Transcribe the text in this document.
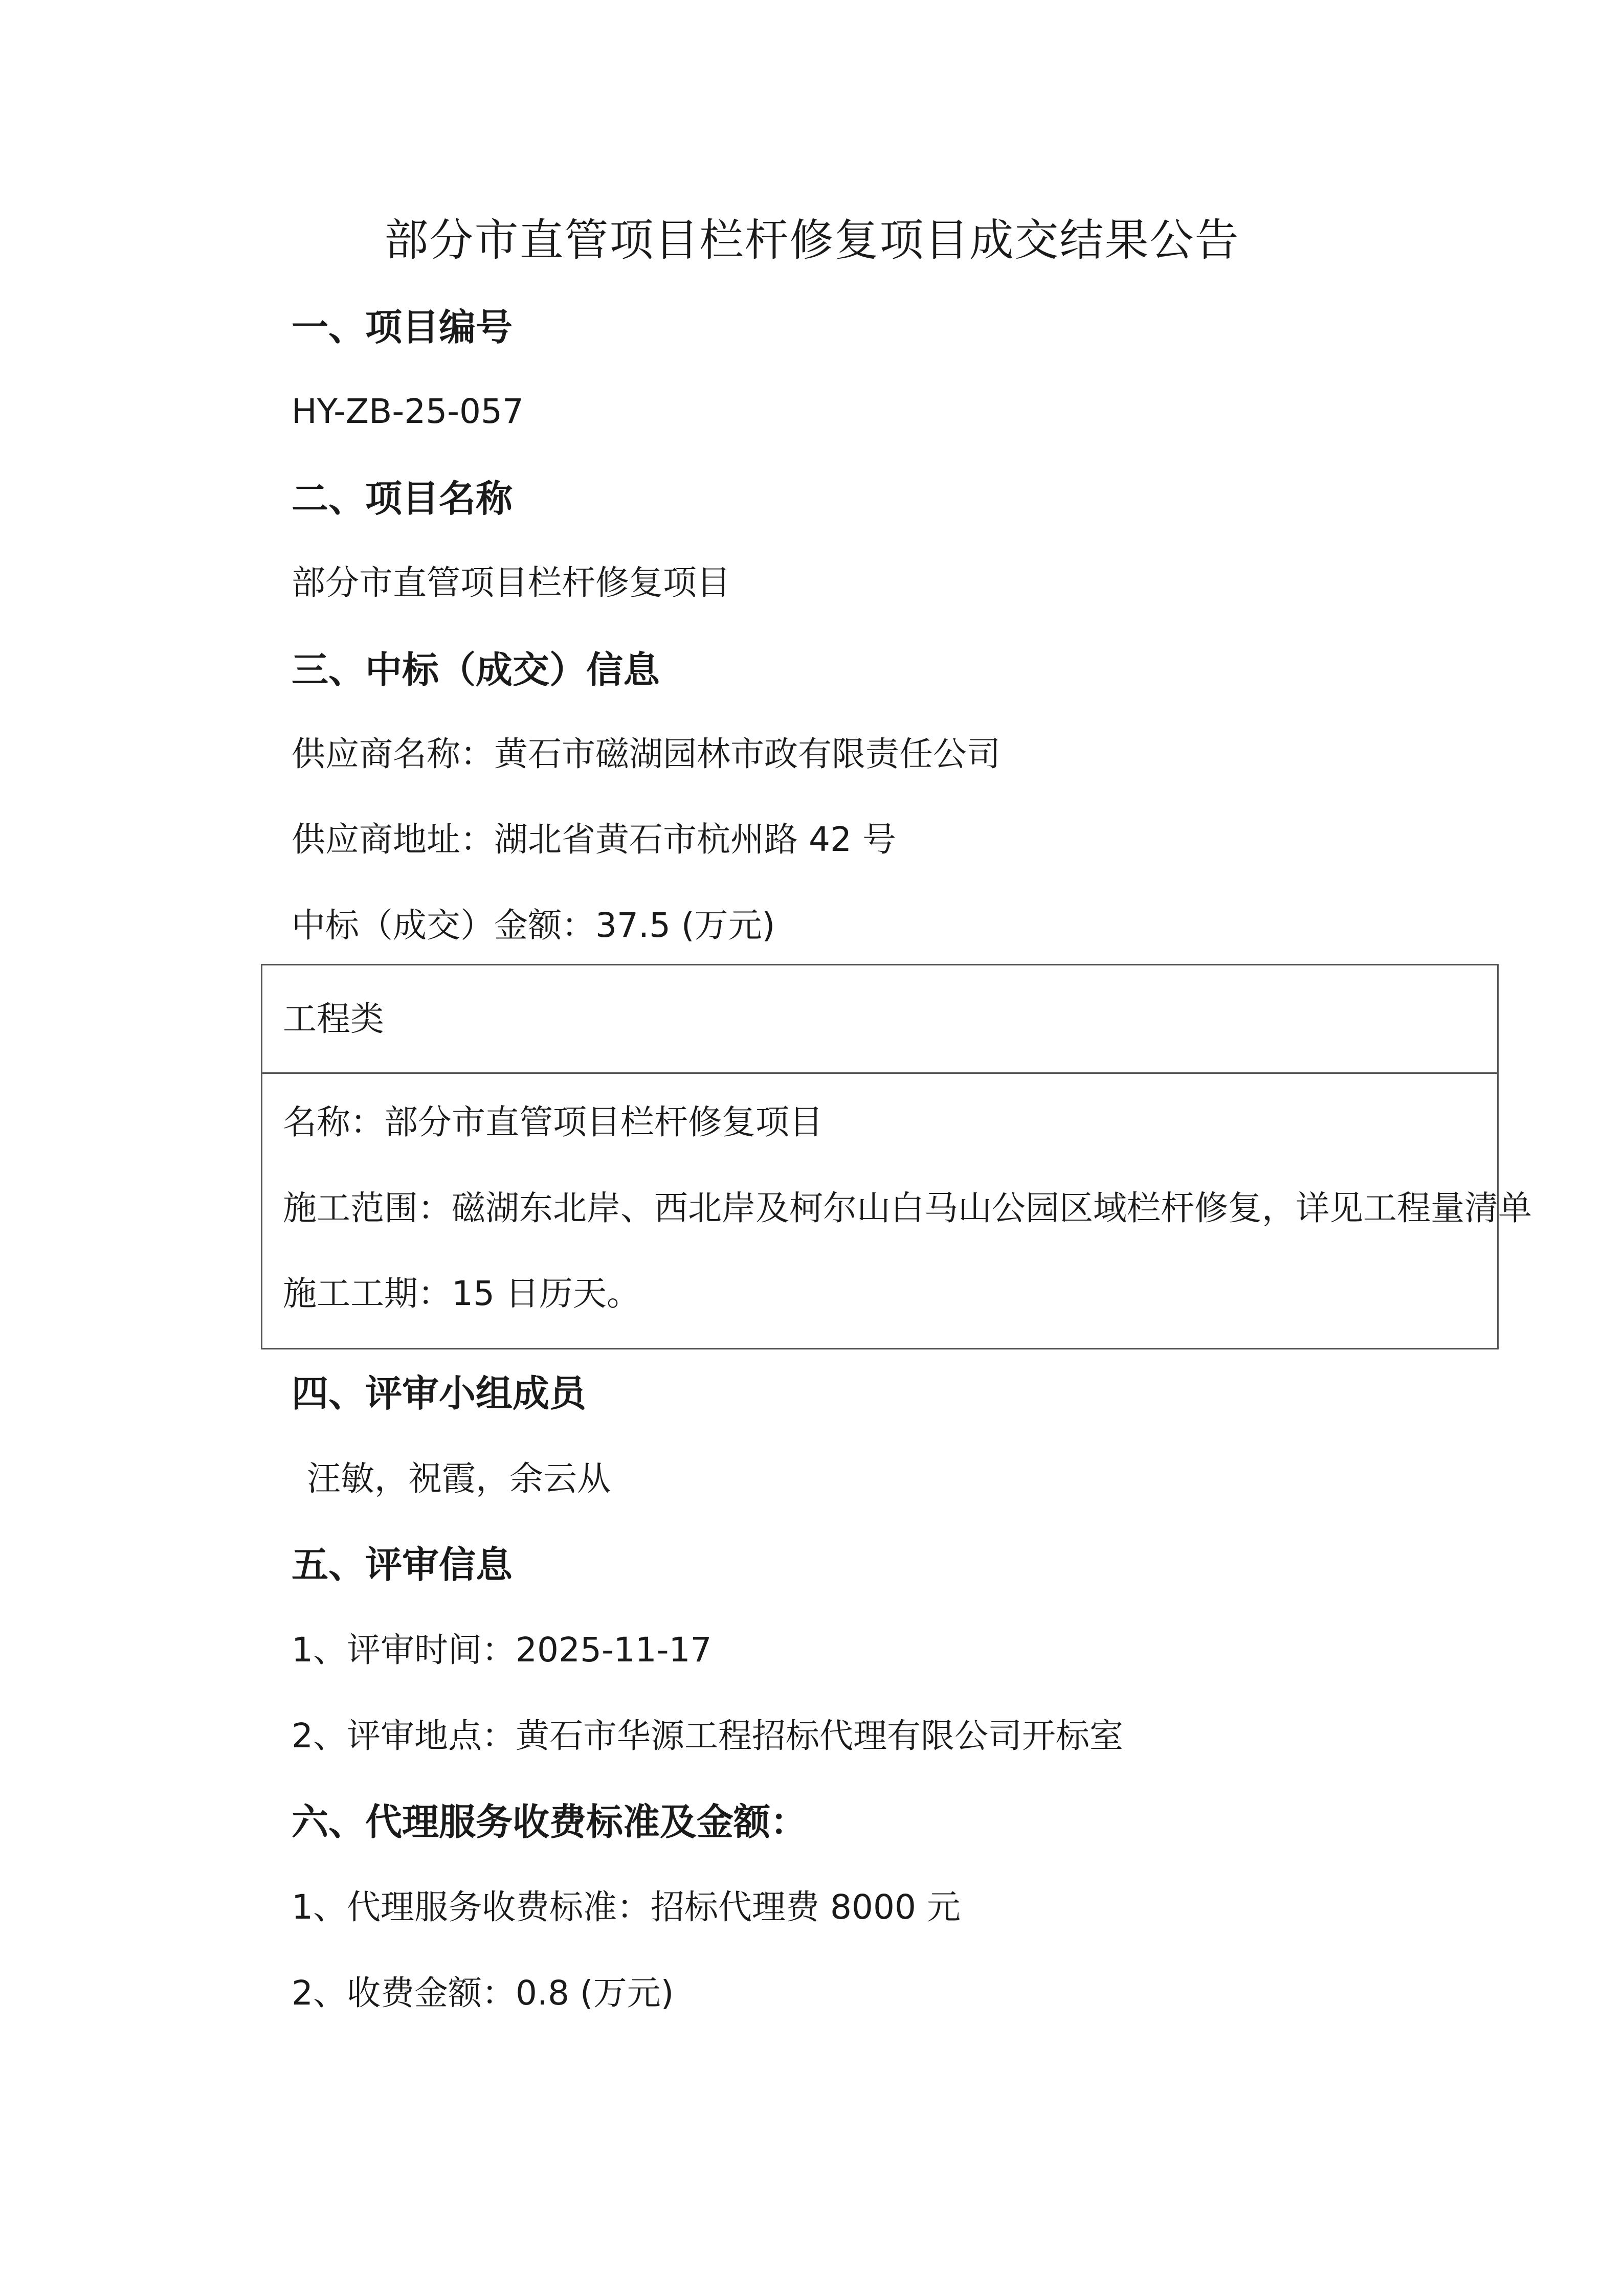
部分市直管项目栏杆修复项目成交结果公告
一、项目编号
HY-ZB-25-057
二、项目名称
部分市直管项目栏杆修复项目
三、中标（成交）信息
供应商名称：黄石市磁湖园林市政有限责任公司
供应商地址：湖北省黄石市杭州路 42 号
中标（成交）金额：37.5 (万元)
工程类
名称：部分市直管项目栏杆修复项目
施工范围：磁湖东北岸、西北岸及柯尔山白马山公园区域栏杆修复，详见工程量清单
施工工期：15 日历天。
四、评审小组成员
汪敏，祝霞，余云从
五、评审信息
1、评审时间：2025-11-17
2、评审地点：黄石市华源工程招标代理有限公司开标室
六、代理服务收费标准及金额：
1、代理服务收费标准：招标代理费 8000 元
2、收费金额：0.8 (万元)
